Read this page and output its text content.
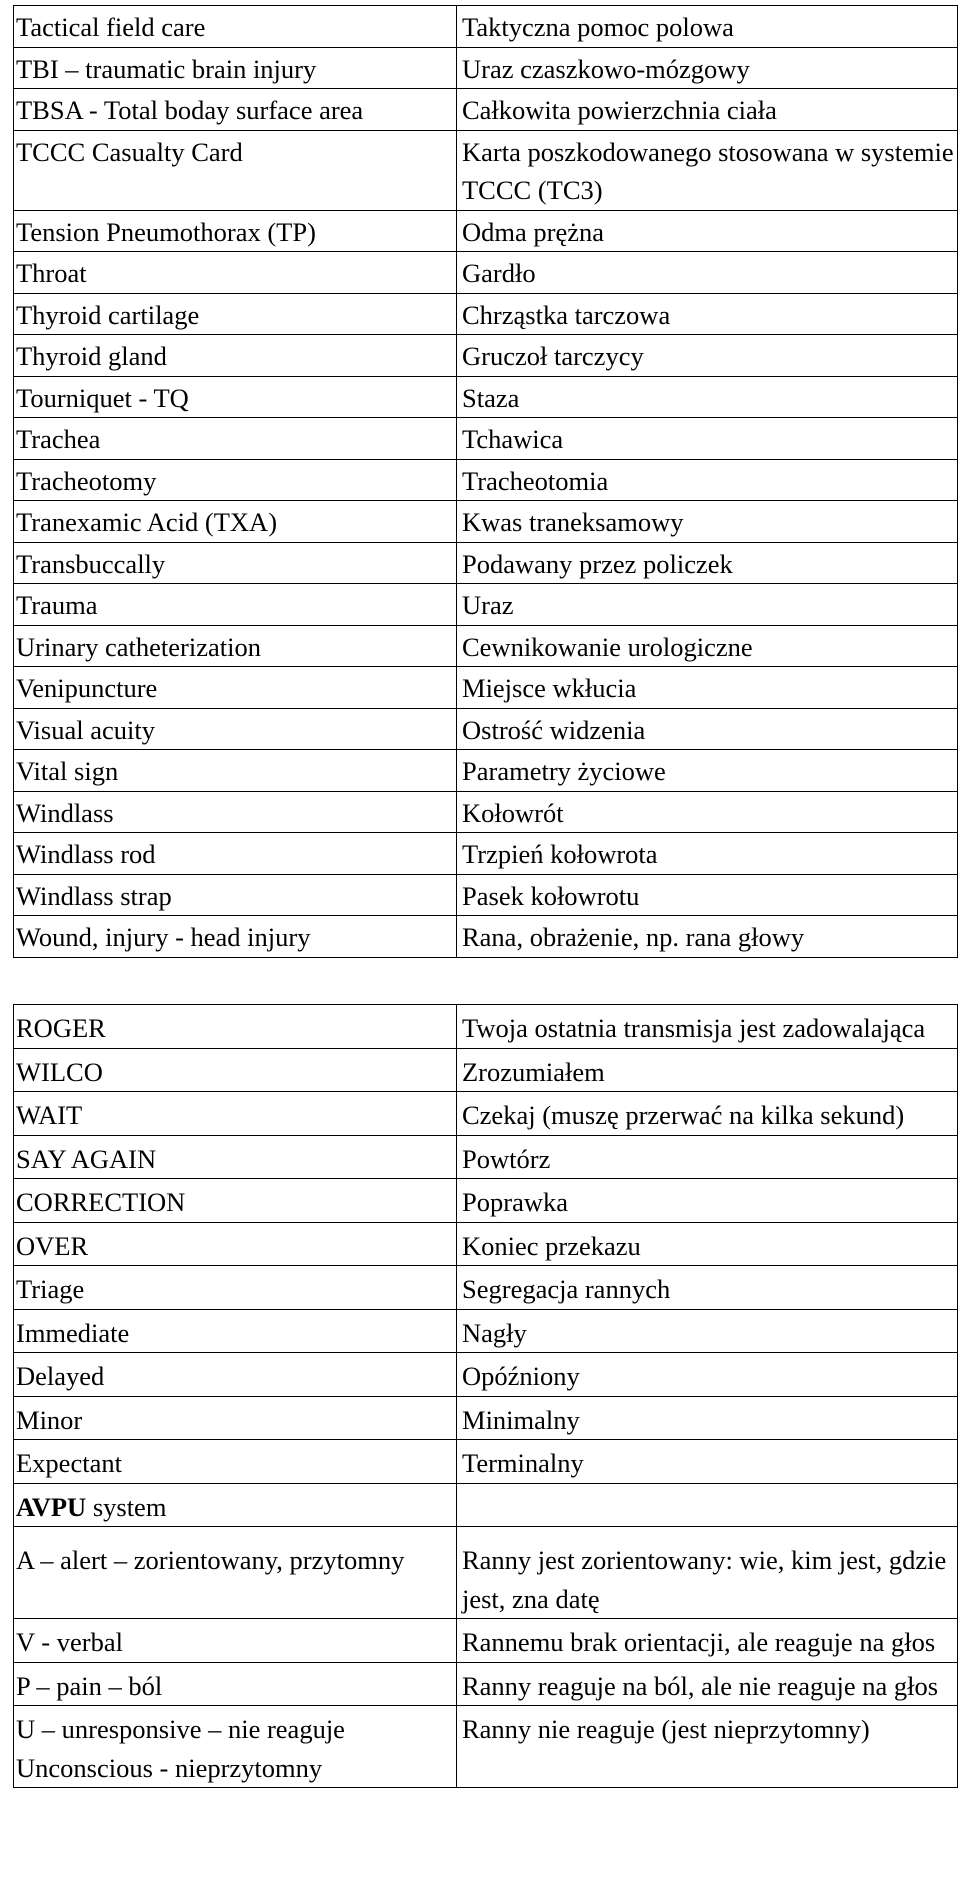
Tactical field care	Taktyczna pomoc polowa
TBI – traumatic brain injury	Uraz czaszkowo-mózgowy
TBSA - Total boday surface area	Całkowita powierzchnia ciała
TCCC Casualty Card	Karta poszkodowanego stosowana w systemie TCCC (TC3)
Tension Pneumothorax (TP)	Odma prężna
Throat	Gardło
Thyroid cartilage	Chrząstka tarczowa
Thyroid gland	Gruczoł tarczycy
Tourniquet - TQ	Staza
Trachea	Tchawica
Tracheotomy	Tracheotomia
Tranexamic Acid (TXA)	Kwas traneksamowy
Transbuccally	Podawany przez policzek
Trauma	Uraz
Urinary catheterization	Cewnikowanie urologiczne
Venipuncture	Miejsce wkłucia
Visual acuity	Ostrość widzenia
Vital sign	Parametry życiowe
Windlass	Kołowrót
Windlass rod	Trzpień kołowrota
Windlass strap	Pasek kołowrotu
Wound, injury - head injury	Rana, obrażenie, np. rana głowy
ROGER	Twoja ostatnia transmisja jest zadowalająca
WILCO	Zrozumiałem
WAIT	Czekaj (muszę przerwać na kilka sekund)
SAY AGAIN	Powtórz
CORRECTION	Poprawka
OVER	Koniec przekazu
Triage	Segregacja rannych
Immediate	Nagły
Delayed	Opóźniony
Minor	Minimalny
Expectant	Terminalny
AVPU system	
A – alert – zorientowany, przytomny	Ranny jest zorientowany: wie, kim jest, gdzie jest, zna datę
V - verbal	Rannemu brak orientacji, ale reaguje na głos
P – pain – ból	Ranny reaguje na ból, ale nie reaguje na głos
U – unresponsive – nie reaguje Unconscious - nieprzytomny	Ranny nie reaguje (jest nieprzytomny)
